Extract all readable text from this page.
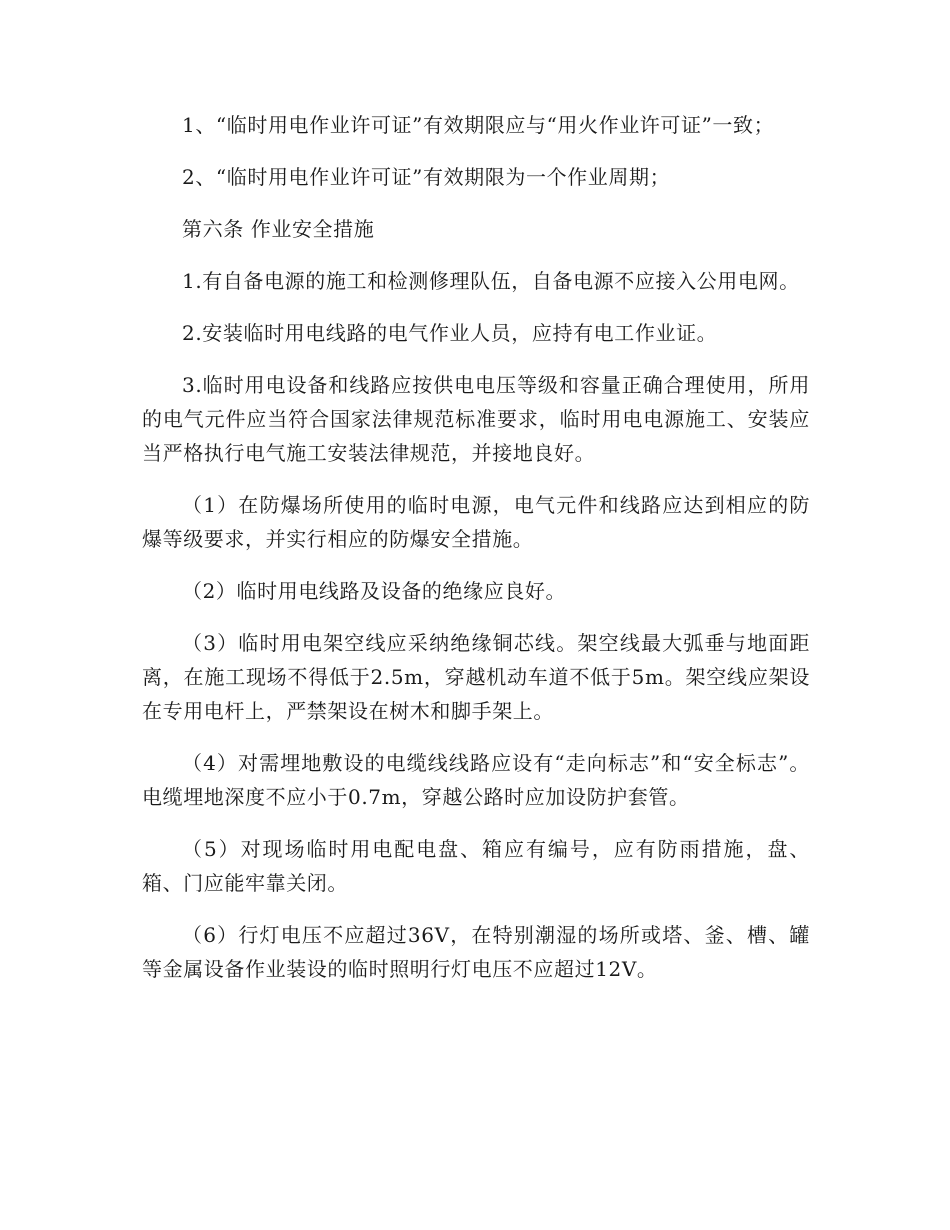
1、“临时用电作业许可证”有效期限应与“用火作业许可证”一致；

2、“临时用电作业许可证”有效期限为一个作业周期；

第六条 作业安全措施

1.有自备电源的施工和检测修理队伍，自备电源不应接入公用电网。

2.安装临时用电线路的电气作业人员，应持有电工作业证。

3.临时用电设备和线路应按供电电压等级和容量正确合理使用，所用的电气元件应当符合国家法律规范标准要求，临时用电电源施工、安装应当严格执行电气施工安装法律规范，并接地良好。

（1）在防爆场所使用的临时电源，电气元件和线路应达到相应的防爆等级要求，并实行相应的防爆安全措施。

（2）临时用电线路及设备的绝缘应良好。

（3）临时用电架空线应采纳绝缘铜芯线。架空线最大弧垂与地面距离，在施工现场不得低于2.5m，穿越机动车道不低于5m。架空线应架设在专用电杆上，严禁架设在树木和脚手架上。

（4）对需埋地敷设的电缆线线路应设有“走向标志”和“安全标志”。电缆埋地深度不应小于0.7m，穿越公路时应加设防护套管。

（5）对现场临时用电配电盘、箱应有编号，应有防雨措施，盘、箱、门应能牢靠关闭。

（6）行灯电压不应超过36V，在特别潮湿的场所或塔、釜、槽、罐等金属设备作业装设的临时照明行灯电压不应超过12V。
